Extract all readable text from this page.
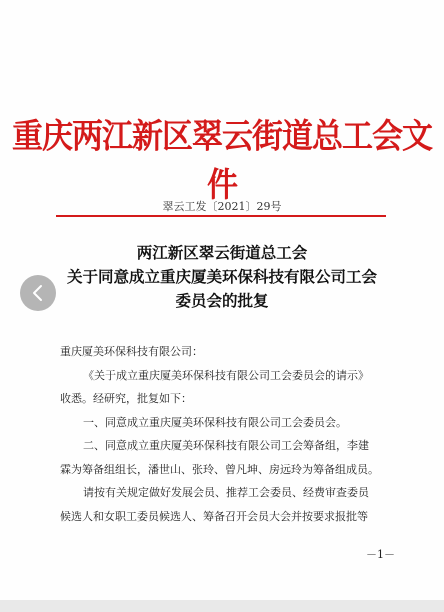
重庆两江新区翠云街道总工会文件
翠云工发〔2021〕29号
两江新区翠云街道总工会
关于同意成立重庆厦美环保科技有限公司工会
委员会的批复

重庆厦美环保科技有限公司：

《关于成立重庆厦美环保科技有限公司工会委员会的请示》

收悉。经研究，批复如下：

一、同意成立重庆厦美环保科技有限公司工会委员会。

二、同意成立重庆厦美环保科技有限公司工会筹备组，李建

霖为筹备组组长，潘世山、张玲、曾凡坤、房远玲为筹备组成员。

请按有关规定做好发展会员、推荐工会委员、经费审查委员

候选人和女职工委员候选人、筹备召开会员大会并按要求报批等

－1－
